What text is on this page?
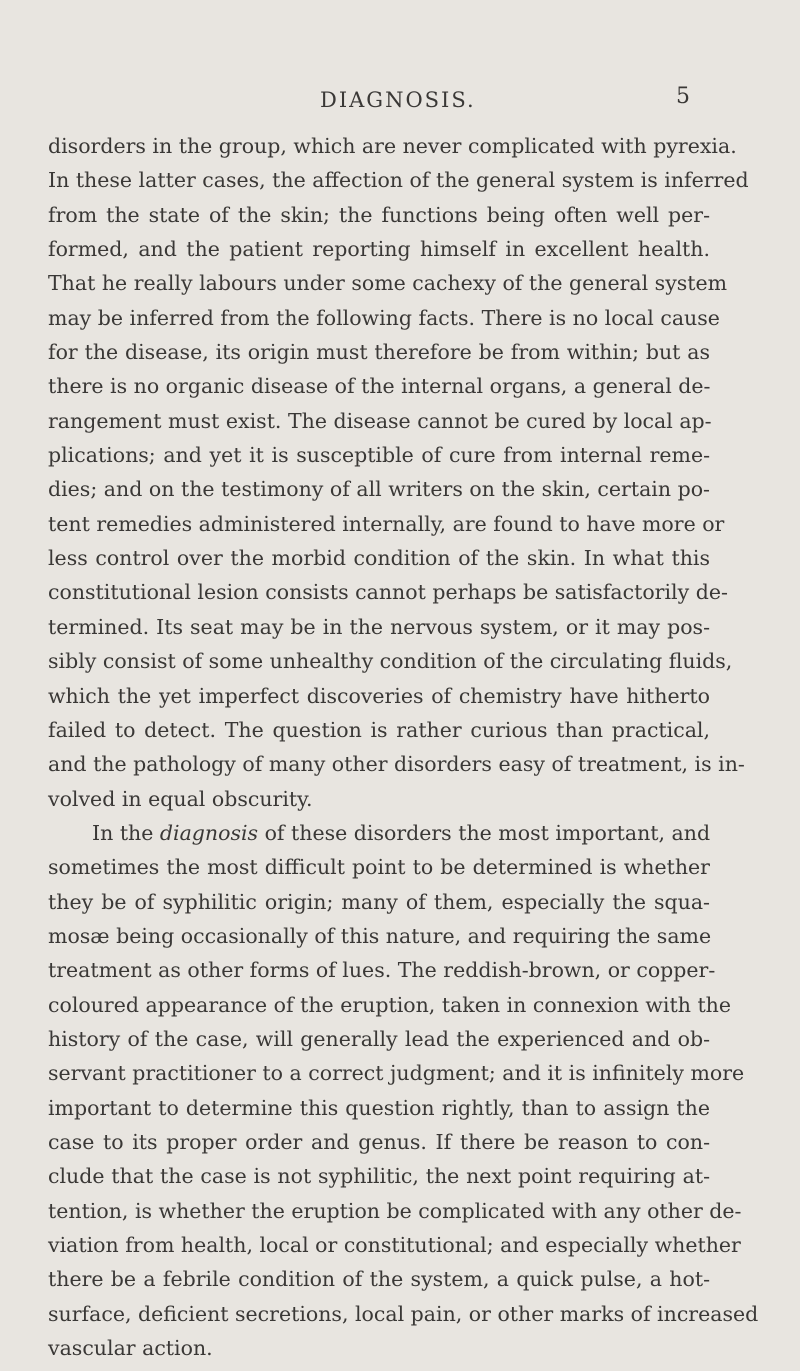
DIAGNOSIS.	5
disorders in the group, which are never complicated with pyrexia.
In these latter cases, the affection of the general system is inferred
from the state of the skin; the functions being often well per-
formed, and the patient reporting himself in excellent health.
That he really labours under some cachexy of the general system
may be inferred from the following facts. There is no local cause
for the disease, its origin must therefore be from within; but as
there is no organic disease of the internal organs, a general de-
rangement must exist. The disease cannot be cured by local ap-
plications; and yet it is susceptible of cure from internal reme-
dies; and on the testimony of all writers on the skin, certain po-
tent remedies administered internally, are found to have more or
less control over the morbid condition of the skin. In what this
constitutional lesion consists cannot perhaps be satisfactorily de-
termined. Its seat may be in the nervous system, or it may pos-
sibly consist of some unhealthy condition of the circulating fluids,
which the yet imperfect discoveries of chemistry have hitherto
failed to detect. The question is rather curious than practical,
and the pathology of many other disorders easy of treatment, is in-
volved in equal obscurity.
In the diagnosis of these disorders the most important, and
sometimes the most difficult point to be determined is whether
they be of syphilitic origin; many of them, especially the squa-
mosæ being occasionally of this nature, and requiring the same
treatment as other forms of lues. The reddish-brown, or copper-
coloured appearance of the eruption, taken in connexion with the
history of the case, will generally lead the experienced and ob-
servant practitioner to a correct judgment; and it is infinitely more
important to determine this question rightly, than to assign the
case to its proper order and genus. If there be reason to con-
clude that the case is not syphilitic, the next point requiring at-
tention, is whether the eruption be complicated with any other de-
viation from health, local or constitutional; and especially whether
there be a febrile condition of the system, a quick pulse, a hot-
surface, deficient secretions, local pain, or other marks of increased
vascular action.
